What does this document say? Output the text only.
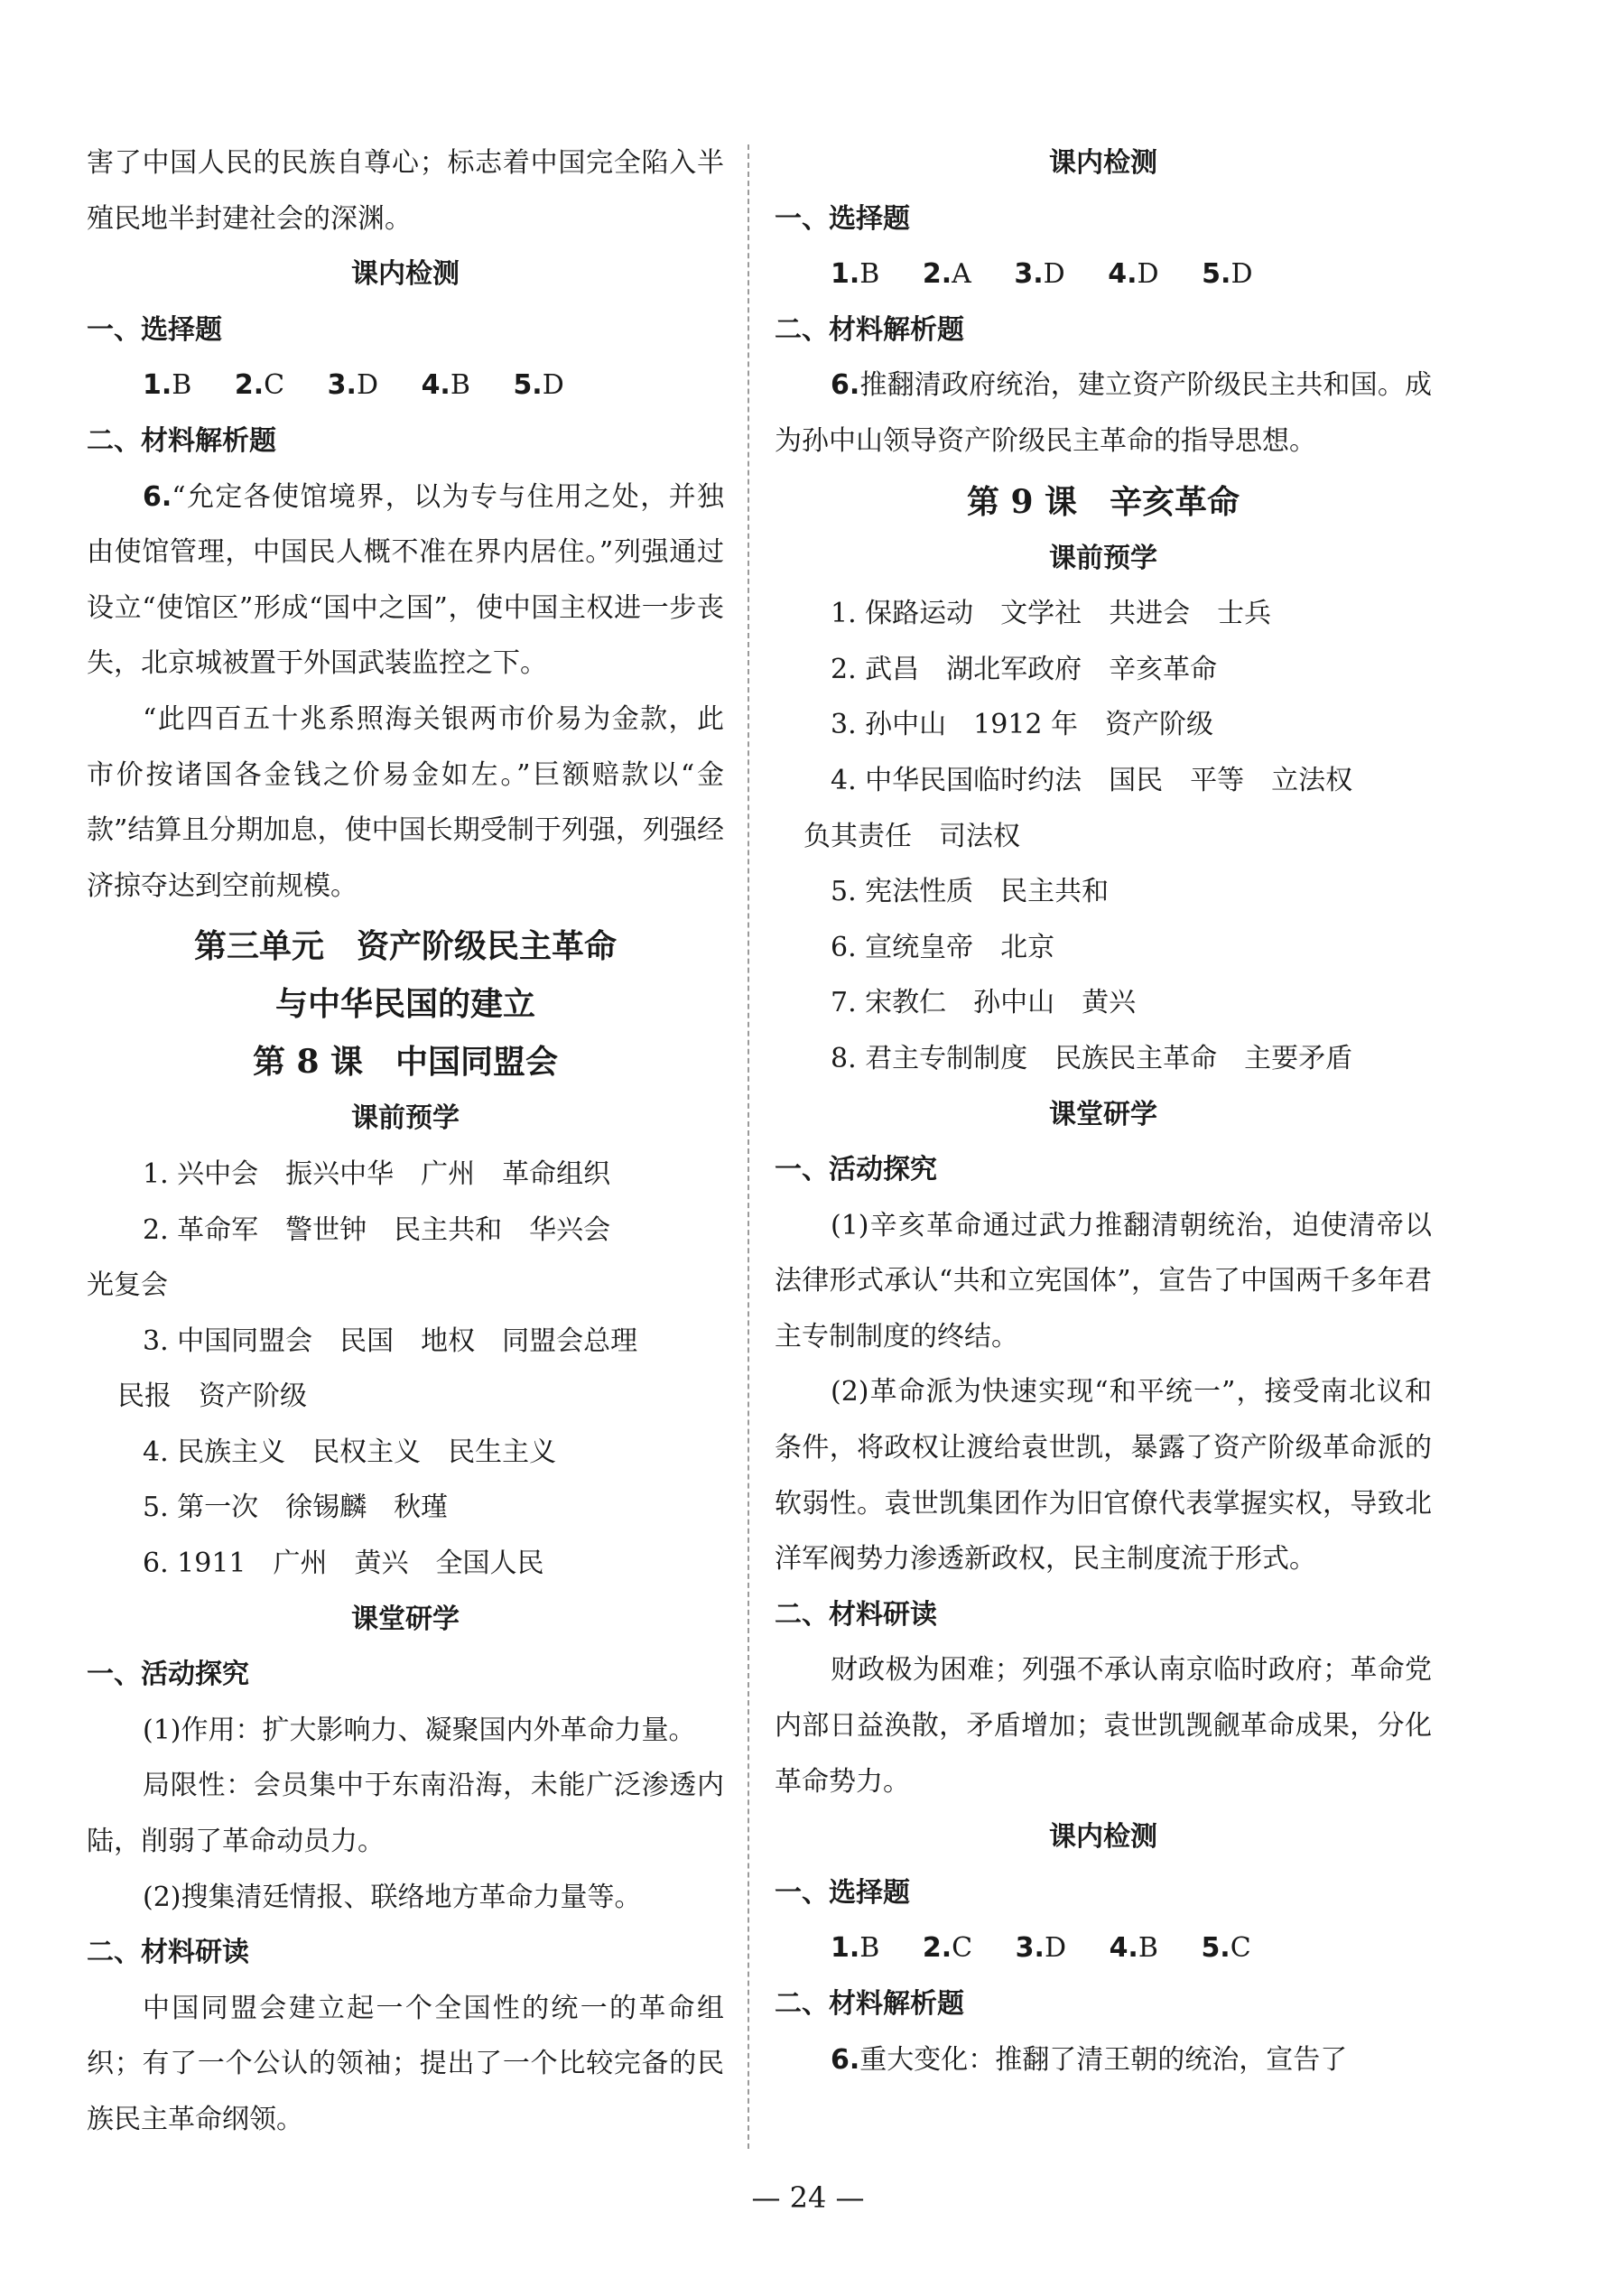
害了中国人民的民族自尊心；标志着中国完全陷入半殖民地半封建社会的深渊。

课内检测
一、选择题
1.B 2.C 3.D 4.B 5.D
二、材料解析题

6.“允定各使馆境界，以为专与住用之处，并独由使馆管理，中国民人概不准在界内居住。”列强通过设立“使馆区”形成“国中之国”，使中国主权进一步丧失，北京城被置于外国武装监控之下。

“此四百五十兆系照海关银两市价易为金款，此市价按诸国各金钱之价易金如左。”巨额赔款以“金款”结算且分期加息，使中国长期受制于列强，列强经济掠夺达到空前规模。

第三单元　资产阶级民主革命
与中华民国的建立
第 8 课　中国同盟会
课前预学
1. 兴中会　振兴中华　广州　革命组织
2. 革命军　警世钟　民主共和　华兴会
光复会
3. 中国同盟会　民国　地权　同盟会总理
民报　资产阶级
4. 民族主义　民权主义　民生主义
5. 第一次　徐锡麟　秋瑾
6. 1911　广州　黄兴　全国人民
课堂研学
一、活动探究
(1)作用：扩大影响力、凝聚国内外革命力量。

局限性：会员集中于东南沿海，未能广泛渗透内陆，削弱了革命动员力。

(2)搜集清廷情报、联络地方革命力量等。
二、材料研读

中国同盟会建立起一个全国性的统一的革命组织；有了一个公认的领袖；提出了一个比较完备的民族民主革命纲领。

课内检测
一、选择题
1.B 2.A 3.D 4.D 5.D
二、材料解析题

6.推翻清政府统治，建立资产阶级民主共和国。成为孙中山领导资产阶级民主革命的指导思想。

第 9 课　辛亥革命
课前预学
1. 保路运动　文学社　共进会　士兵
2. 武昌　湖北军政府　辛亥革命
3. 孙中山　1912 年　资产阶级
4. 中华民国临时约法　国民　平等　立法权
负其责任　司法权
5. 宪法性质　民主共和
6. 宣统皇帝　北京
7. 宋教仁　孙中山　黄兴
8. 君主专制制度　民族民主革命　主要矛盾
课堂研学
一、活动探究

(1)辛亥革命通过武力推翻清朝统治，迫使清帝以法律形式承认“共和立宪国体”，宣告了中国两千多年君主专制制度的终结。

(2)革命派为快速实现“和平统一”，接受南北议和条件，将政权让渡给袁世凯，暴露了资产阶级革命派的软弱性。袁世凯集团作为旧官僚代表掌握实权，导致北洋军阀势力渗透新政权，民主制度流于形式。

二、材料研读

财政极为困难；列强不承认南京临时政府；革命党内部日益涣散，矛盾增加；袁世凯觊觎革命成果，分化革命势力。

课内检测
一、选择题
1.B 2.C 3.D 4.B 5.C
二、材料解析题
6.重大变化：推翻了清王朝的统治，宣告了
— 24 —
